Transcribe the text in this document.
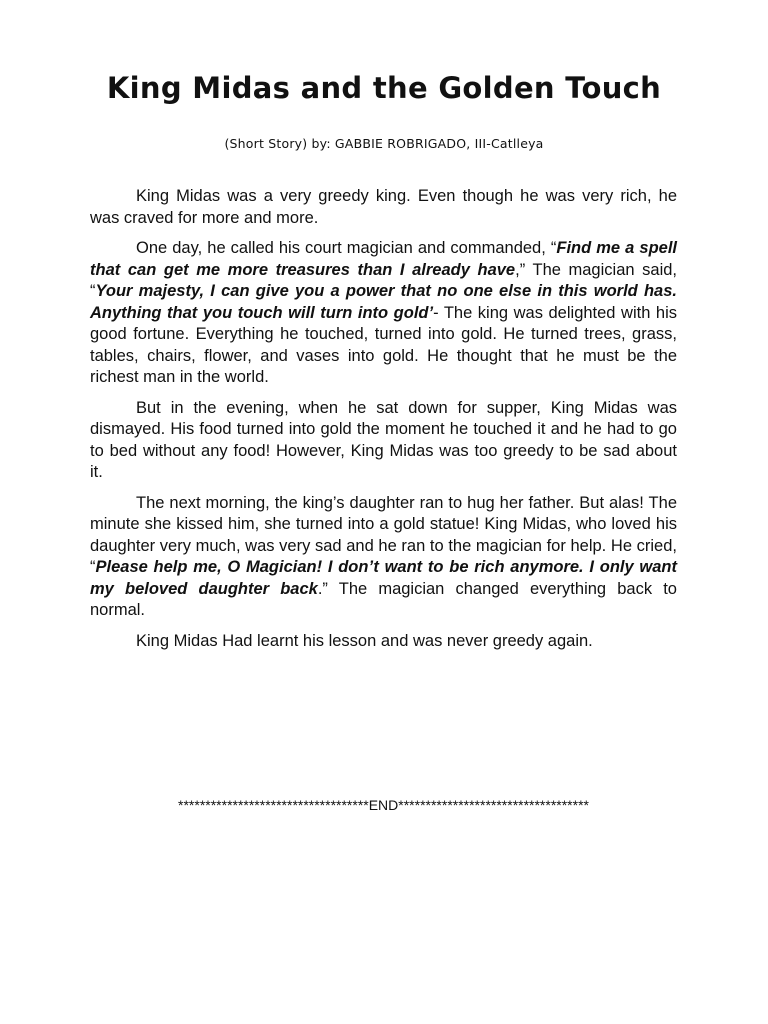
King Midas and the Golden Touch
(Short Story) by: GABBIE ROBRIGADO, III-Catlleya

King Midas was a very greedy king. Even though he was very rich, he was craved for more and more.

One day, he called his court magician and commanded, “Find me a spell that can get me more treasures than I already have,” The magician said, “Your majesty, I can give you a power that no one else in this world has. Anything that you touch will turn into gold’- The king was delighted with his good fortune. Everything he touched, turned into gold. He turned trees, grass, tables, chairs, flower, and vases into gold. He thought that he must be the richest man in the world.

But in the evening, when he sat down for supper, King Midas was dismayed. His food turned into gold the moment he touched it and he had to go to bed without any food! However, King Midas was too greedy to be sad about it.

The next morning, the king’s daughter ran to hug her father. But alas! The minute she kissed him, she turned into a gold statue! King Midas, who loved his daughter very much, was very sad and he ran to the magician for help. He cried, “Please help me, O Magician! I don’t want to be rich anymore. I only want my beloved daughter back.” The magician changed everything back to normal.

King Midas Had learnt his lesson and was never greedy again.

***********************************END***********************************
